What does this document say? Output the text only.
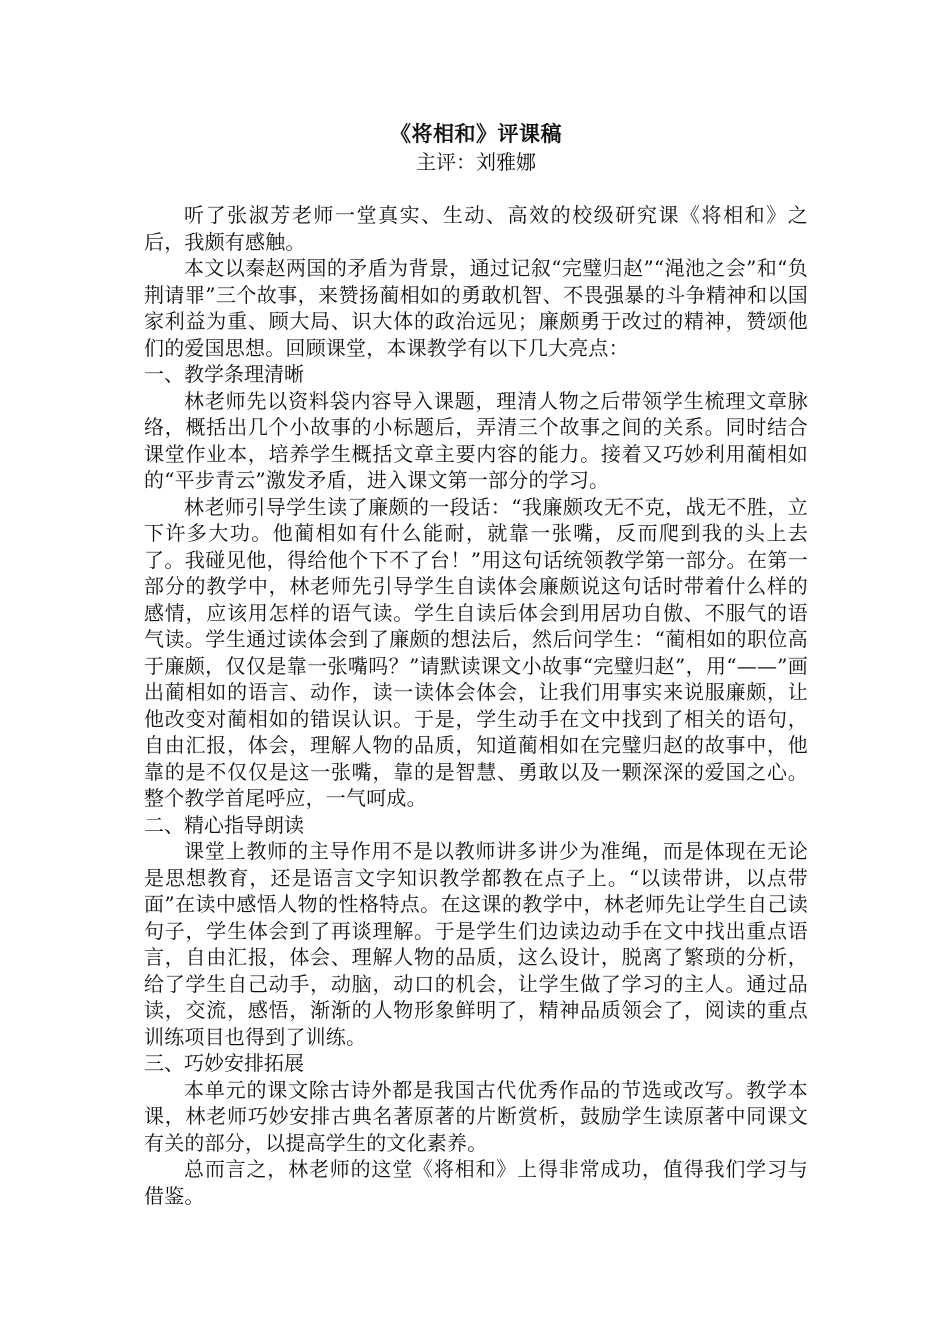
《将相和》评课稿

主评：刘雅娜

听了张淑芳老师一堂真实、生动、高效的校级研究课《将相和》之后，我颇有感触。

本文以秦赵两国的矛盾为背景，通过记叙“完璧归赵”“渑池之会”和“负荆请罪”三个故事，来赞扬蔺相如的勇敢机智、不畏强暴的斗争精神和以国家利益为重、顾大局、识大体的政治远见；廉颇勇于改过的精神，赞颂他们的爱国思想。回顾课堂，本课教学有以下几大亮点：

一、教学条理清晰

林老师先以资料袋内容导入课题，理清人物之后带领学生梳理文章脉络，概括出几个小故事的小标题后，弄清三个故事之间的关系。同时结合课堂作业本，培养学生概括文章主要内容的能力。接着又巧妙利用蔺相如的“平步青云”激发矛盾，进入课文第一部分的学习。

林老师引导学生读了廉颇的一段话：“我廉颇攻无不克，战无不胜，立下许多大功。他蔺相如有什么能耐，就靠一张嘴，反而爬到我的头上去了。我碰见他，得给他个下不了台！”用这句话统领教学第一部分。在第一部分的教学中，林老师先引导学生自读体会廉颇说这句话时带着什么样的感情，应该用怎样的语气读。学生自读后体会到用居功自傲、不服气的语气读。学生通过读体会到了廉颇的想法后，然后问学生：“蔺相如的职位高于廉颇，仅仅是靠一张嘴吗？”请默读课文小故事“完璧归赵”，用“——”画出蔺相如的语言、动作，读一读体会体会，让我们用事实来说服廉颇，让他改变对蔺相如的错误认识。于是，学生动手在文中找到了相关的语句，自由汇报，体会，理解人物的品质，知道蔺相如在完璧归赵的故事中，他靠的是不仅仅是这一张嘴，靠的是智慧、勇敢以及一颗深深的爱国之心。整个教学首尾呼应，一气呵成。

二、精心指导朗读

课堂上教师的主导作用不是以教师讲多讲少为准绳，而是体现在无论是思想教育，还是语言文字知识教学都教在点子上。“以读带讲，以点带面”在读中感悟人物的性格特点。在这课的教学中，林老师先让学生自己读句子，学生体会到了再谈理解。于是学生们边读边动手在文中找出重点语言，自由汇报，体会、理解人物的品质，这么设计，脱离了繁琐的分析，给了学生自己动手，动脑，动口的机会，让学生做了学习的主人。通过品读，交流，感悟，渐渐的人物形象鲜明了，精神品质领会了，阅读的重点训练项目也得到了训练。

三、巧妙安排拓展

本单元的课文除古诗外都是我国古代优秀作品的节选或改写。教学本课，林老师巧妙安排古典名著原著的片断赏析，鼓励学生读原著中同课文有关的部分，以提高学生的文化素养。

总而言之，林老师的这堂《将相和》上得非常成功，值得我们学习与借鉴。
